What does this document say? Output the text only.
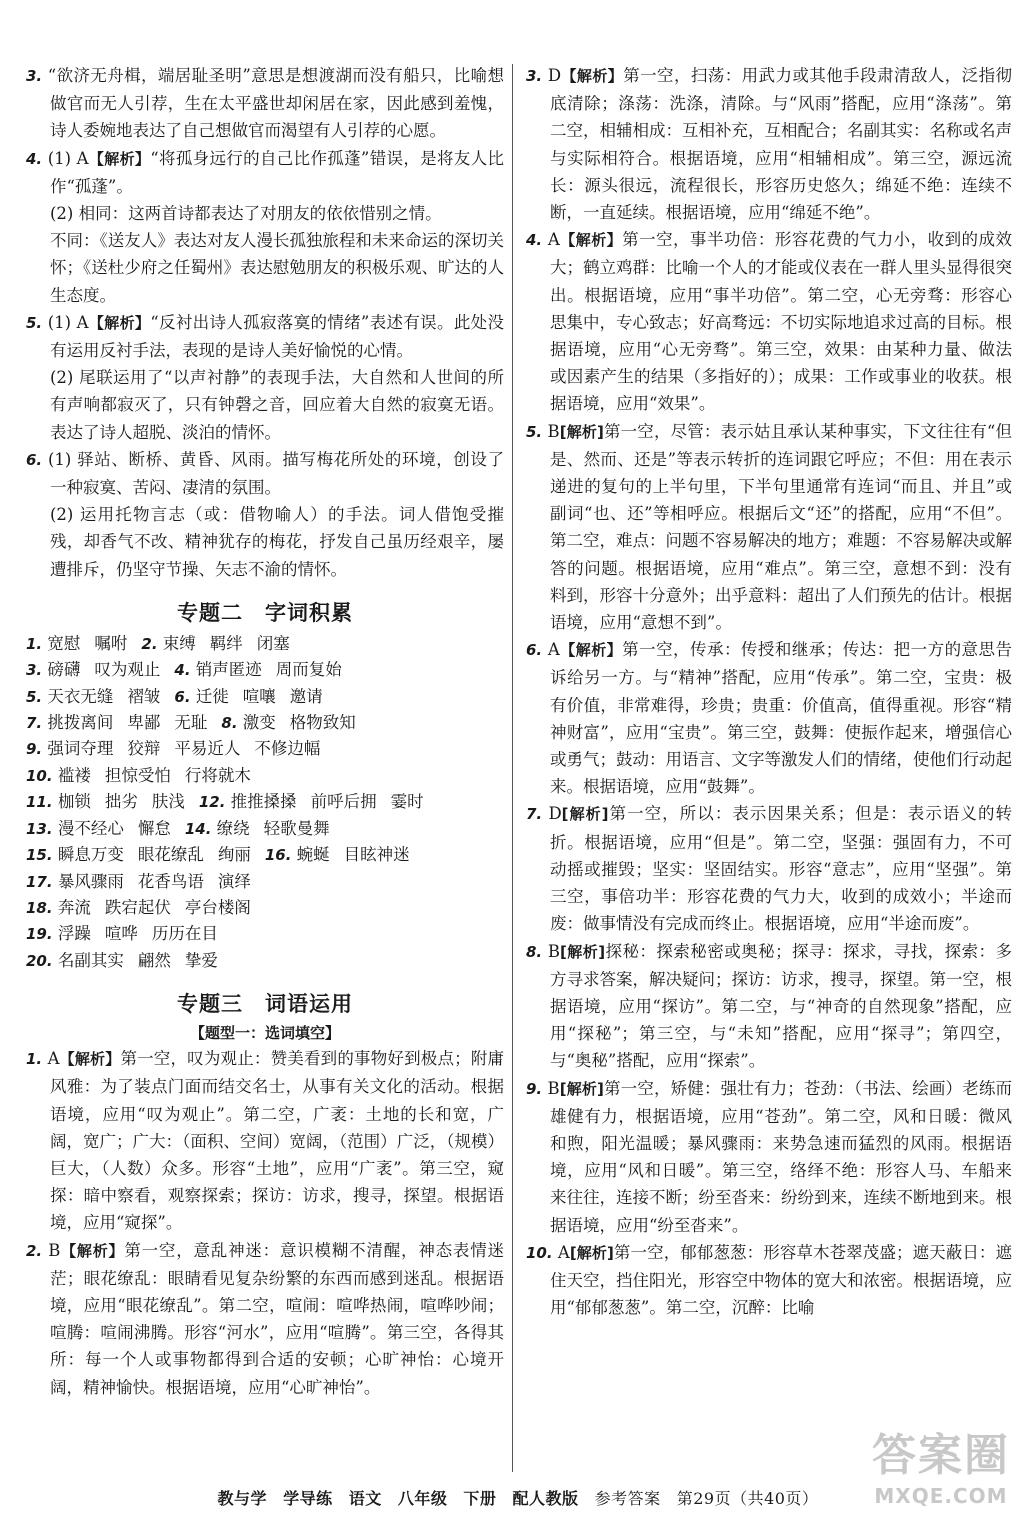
3. “欲济无舟楫，端居耻圣明”意思是想渡湖而没有船只，比喻想做官而无人引荐，生在太平盛世却闲居在家，因此感到羞愧，诗人委婉地表达了自己想做官而渴望有人引荐的心愿。

4. (1) A【解析】“将孤身远行的自己比作孤蓬”错误，是将友人比作“孤蓬”。

(2) 相同：这两首诗都表达了对朋友的依依惜别之情。

不同：《送友人》表达对友人漫长孤独旅程和未来命运的深切关怀；《送杜少府之任蜀州》表达慰勉朋友的积极乐观、旷达的人生态度。

5. (1) A【解析】“反衬出诗人孤寂落寞的情绪”表述有误。此处没有运用反衬手法，表现的是诗人美好愉悦的心情。

(2) 尾联运用了“以声衬静”的表现手法，大自然和人世间的所有声响都寂灭了，只有钟磬之音，回应着大自然的寂寞无语。表达了诗人超脱、淡泊的情怀。

6. (1) 驿站、断桥、黄昏、风雨。描写梅花所处的环境，创设了一种寂寞、苦闷、凄清的氛围。

(2) 运用托物言志（或：借物喻人）的手法。词人借饱受摧残，却香气不改、精神犹存的梅花，抒发自己虽历经艰辛，屡遭排斥，仍坚守节操、矢志不渝的情怀。

专题二 字词积累

1. 宽慰 嘱咐 2. 束缚 羁绊 闭塞

3. 磅礴 叹为观止 4. 销声匿迹 周而复始

5. 天衣无缝 褶皱 6. 迁徙 喧嚷 邀请

7. 挑拨离间 卑鄙 无耻 8. 激变 格物致知

9. 强词夺理 狡辩 平易近人 不修边幅

10. 褴褛 担惊受怕 行将就木

11. 枷锁 拙劣 肤浅 12. 推推搡搡 前呼后拥 霎时

13. 漫不经心 懈怠 14. 缭绕 轻歌曼舞

15. 瞬息万变 眼花缭乱 绚丽 16. 蜿蜒 目眩神迷

17. 暴风骤雨 花香鸟语 演绎

18. 奔流 跌宕起伏 亭台楼阁

19. 浮躁 喧哗 历历在目

20. 名副其实 翩然 挚爱

专题三 词语运用
【题型一：选词填空】

1. A【解析】第一空，叹为观止：赞美看到的事物好到极点；附庸风雅：为了装点门面而结交名士，从事有关文化的活动。根据语境，应用“叹为观止”。第二空，广袤：土地的长和宽，广阔，宽广；广大：（面积、空间）宽阔，（范围）广泛，（规模）巨大，（人数）众多。形容“土地”，应用“广袤”。第三空，窥探：暗中察看，观察探索；探访：访求，搜寻，探望。根据语境，应用“窥探”。

2. B【解析】第一空，意乱神迷：意识模糊不清醒，神态表情迷茫；眼花缭乱：眼睛看见复杂纷繁的东西而感到迷乱。根据语境，应用“眼花缭乱”。第二空，喧闹：喧哗热闹，喧哗吵闹；喧腾：喧闹沸腾。形容“河水”，应用“喧腾”。第三空，各得其所：每一个人或事物都得到合适的安顿；心旷神怡：心境开阔，精神愉快。根据语境，应用“心旷神怡”。

3. D【解析】第一空，扫荡：用武力或其他手段肃清敌人，泛指彻底清除；涤荡：洗涤，清除。与“风雨”搭配，应用“涤荡”。第二空，相辅相成：互相补充，互相配合；名副其实：名称或名声与实际相符合。根据语境，应用“相辅相成”。第三空，源远流长：源头很远，流程很长，形容历史悠久；绵延不绝：连续不断，一直延续。根据语境，应用“绵延不绝”。

4. A【解析】第一空，事半功倍：形容花费的气力小，收到的成效大；鹤立鸡群：比喻一个人的才能或仪表在一群人里头显得很突出。根据语境，应用“事半功倍”。第二空，心无旁骛：形容心思集中，专心致志；好高骛远：不切实际地追求过高的目标。根据语境，应用“心无旁骛”。第三空，效果：由某种力量、做法或因素产生的结果（多指好的）；成果：工作或事业的收获。根据语境，应用“效果”。

5. B[解析]第一空，尽管：表示姑且承认某种事实，下文往往有“但是、然而、还是”等表示转折的连词跟它呼应；不但：用在表示递进的复句的上半句里，下半句里通常有连词“而且、并且”或副词“也、还”等相呼应。根据后文“还”的搭配，应用“不但”。第二空，难点：问题不容易解决的地方；难题：不容易解决或解答的问题。根据语境，应用“难点”。第三空，意想不到：没有料到，形容十分意外；出乎意料：超出了人们预先的估计。根据语境，应用“意想不到”。

6. A【解析】第一空，传承：传授和继承；传达：把一方的意思告诉给另一方。与“精神”搭配，应用“传承”。第二空，宝贵：极有价值，非常难得，珍贵；贵重：价值高，值得重视。形容“精神财富”，应用“宝贵”。第三空，鼓舞：使振作起来，增强信心或勇气；鼓动：用语言、文字等激发人们的情绪，使他们行动起来。根据语境，应用“鼓舞”。

7. D[解析]第一空，所以：表示因果关系；但是：表示语义的转折。根据语境，应用“但是”。第二空，坚强：强固有力，不可动摇或摧毁；坚实：坚固结实。形容“意志”，应用“坚强”。第三空，事倍功半：形容花费的气力大，收到的成效小；半途而废：做事情没有完成而终止。根据语境，应用“半途而废”。

8. B[解析]探秘：探索秘密或奥秘；探寻：探求，寻找，探索：多方寻求答案，解决疑问；探访：访求，搜寻，探望。第一空，根据语境，应用“探访”。第二空，与“神奇的自然现象”搭配，应用“探秘”；第三空，与“未知”搭配，应用“探寻”；第四空，与“奥秘”搭配，应用“探索”。

9. B[解析]第一空，矫健：强壮有力；苍劲：（书法、绘画）老练而雄健有力，根据语境，应用“苍劲”。第二空，风和日暖：微风和煦，阳光温暖；暴风骤雨：来势急速而猛烈的风雨。根据语境，应用“风和日暖”。第三空，络绎不绝：形容人马、车船来来往往，连接不断；纷至沓来：纷纷到来，连续不断地到来。根据语境，应用“纷至沓来”。

10. A[解析]第一空，郁郁葱葱：形容草木苍翠茂盛；遮天蔽日：遮住天空，挡住阳光，形容空中物体的宽大和浓密。根据语境，应用“郁郁葱葱”。第二空，沉醉：比喻

教与学 学导练 语文 八年级 下册 配人教版 参考答案 第29页（共40页）
答案圈
MXQE.COM
